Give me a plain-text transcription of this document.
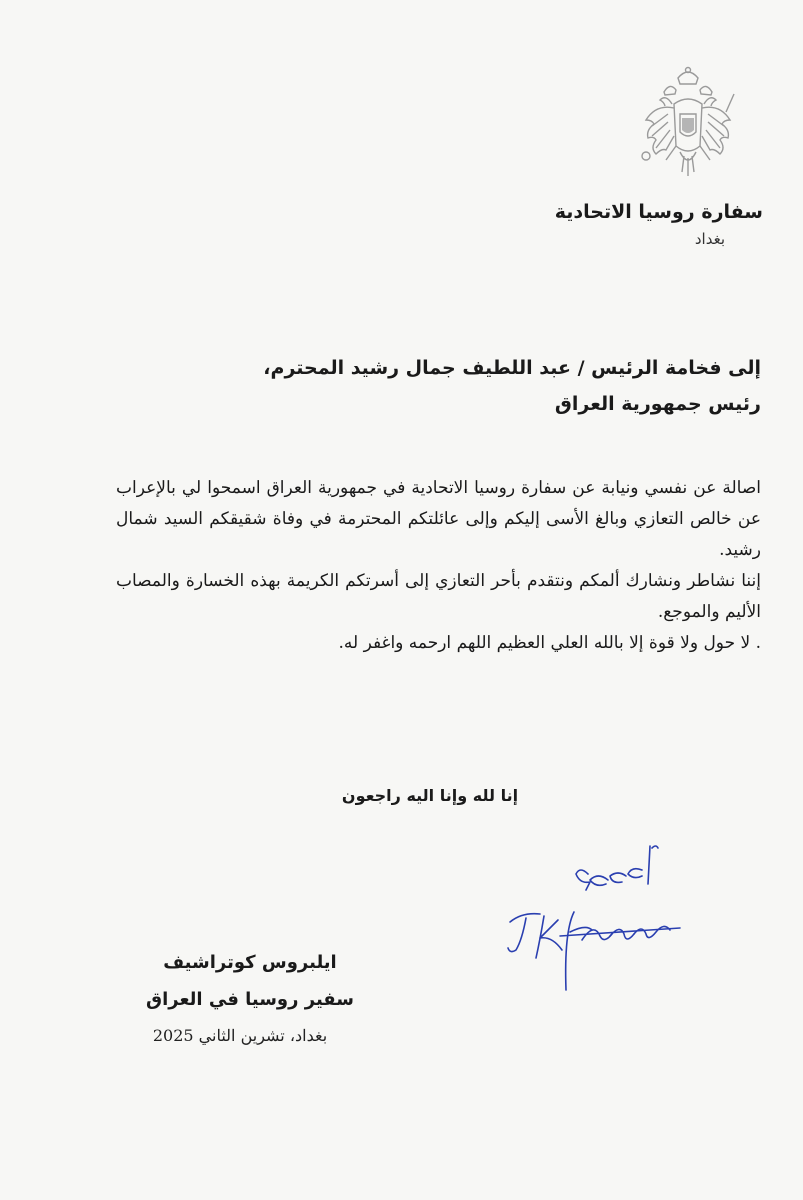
سفارة روسيا الاتحادية
بغداد
إلى فخامة الرئيس / عبد اللطيف جمال رشيد المحترم،
رئيس جمهورية العراق

اصالة عن نفسي ونيابة عن سفارة روسيا الاتحادية في جمهورية العراق اسمحوا لي بالإعراب عن خالص التعازي وبالغ الأسى إليكم وإلى عائلتكم المحترمة في وفاة شقيقكم السيد شمال رشيد.

إننا نشاطر ونشارك ألمكم ونتقدم بأحر التعازي إلى أسرتكم الكريمة بهذه الخسارة والمصاب الأليم والموجع.

. لا حول ولا قوة إلا بالله العلي العظيم اللهم ارحمه واغفر له.

إنا لله وإنا اليه راجعون
ايلبروس كوتراشيف
سفير روسيا في العراق
بغداد، تشرين الثاني 2025
